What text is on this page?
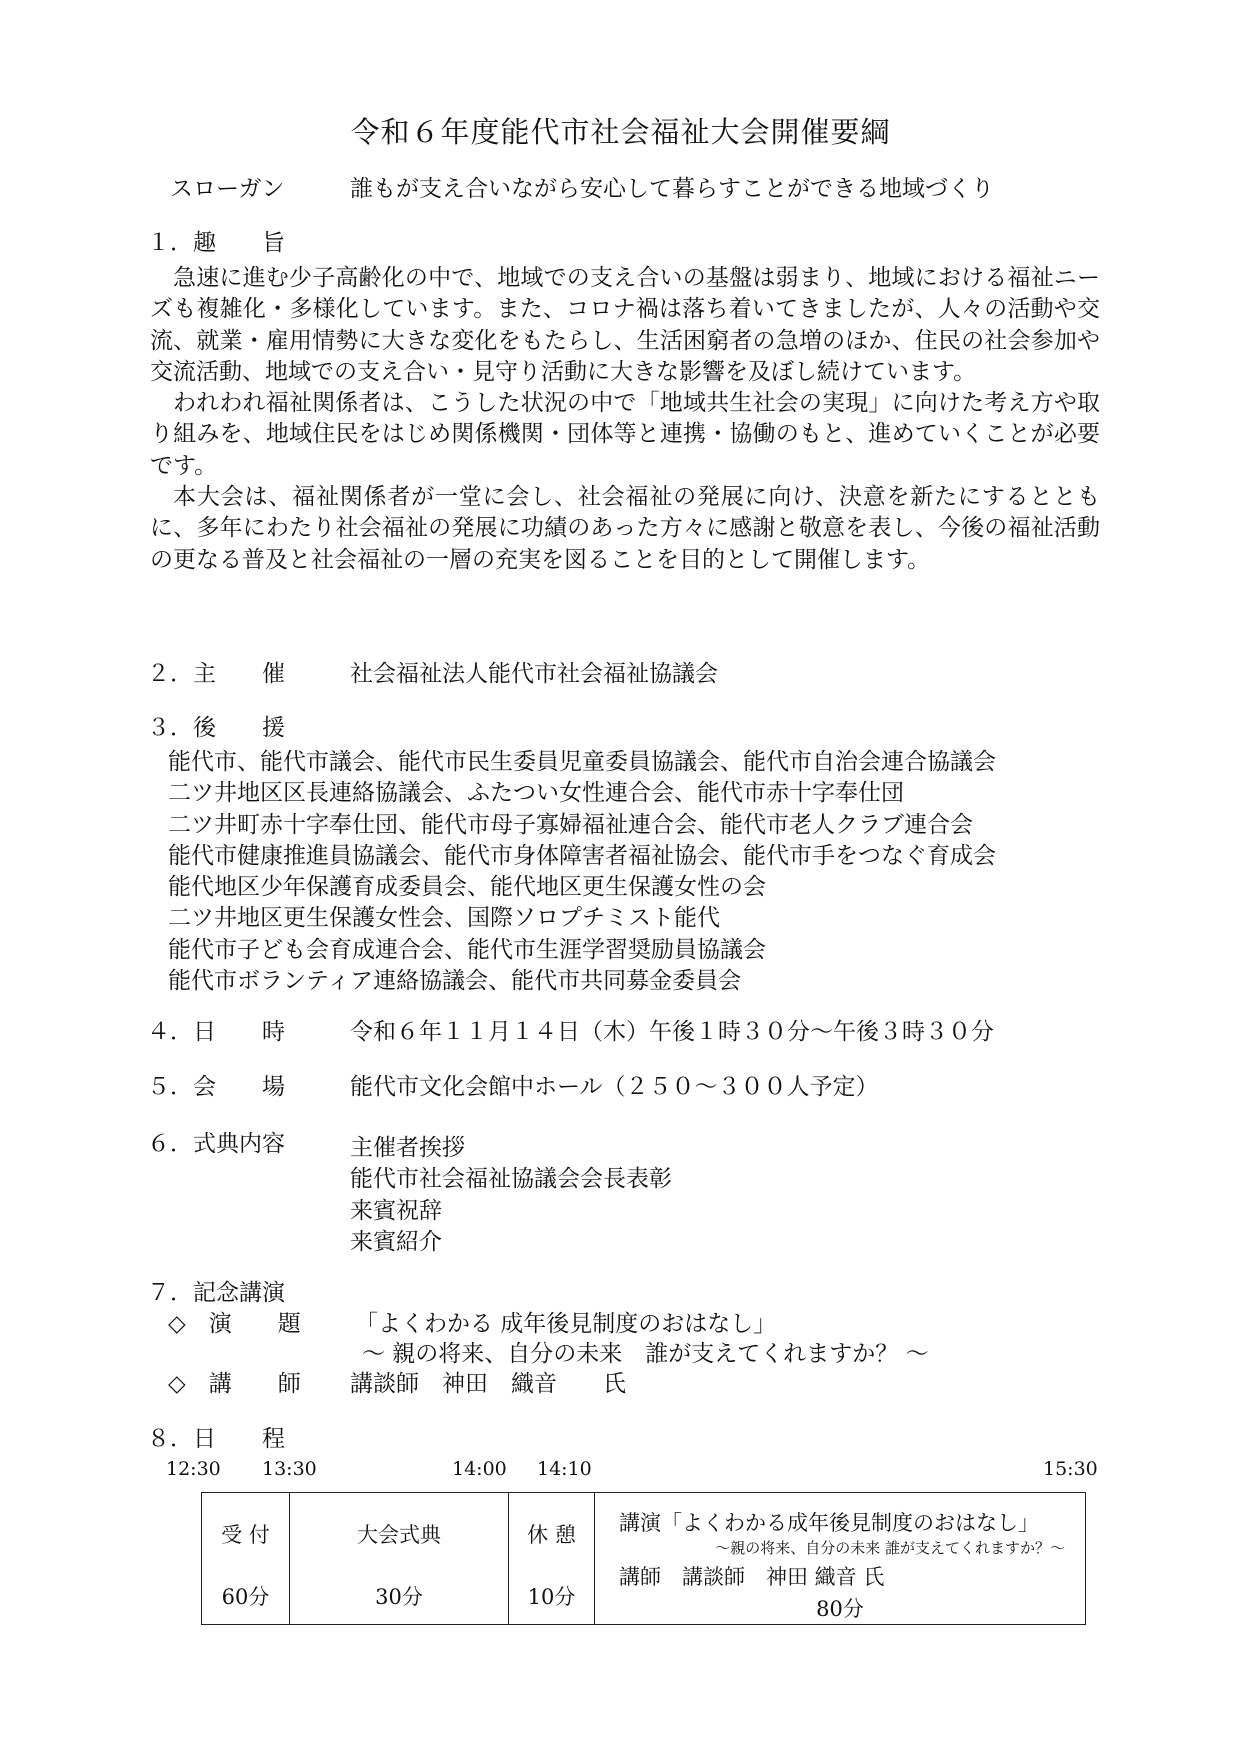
令和６年度能代市社会福祉大会開催要綱
スローガン	誰もが支え合いながら安心して暮らすことができる地域づくり
１．趣　　旨

急速に進む少子高齢化の中で、地域での支え合いの基盤は弱まり、地域における福祉ニーズも複雑化・多様化しています。また、コロナ禍は落ち着いてきましたが、人々の活動や交流、就業・雇用情勢に大きな変化をもたらし、生活困窮者の急増のほか、住民の社会参加や交流活動、地域での支え合い・見守り活動に大きな影響を及ぼし続けています。

われわれ福祉関係者は、こうした状況の中で「地域共生社会の実現」に向けた考え方や取り組みを、地域住民をはじめ関係機関・団体等と連携・協働のもと、進めていくことが必要です。

本大会は、福祉関係者が一堂に会し、社会福祉の発展に向け、決意を新たにするとともに、多年にわたり社会福祉の発展に功績のあった方々に感謝と敬意を表し、今後の福祉活動の更なる普及と社会福祉の一層の充実を図ることを目的として開催します。

２．主　　催	社会福祉法人能代市社会福祉協議会
３．後　　援
能代市、能代市議会、能代市民生委員児童委員協議会、能代市自治会連合協議会
二ツ井地区区長連絡協議会、ふたつい女性連合会、能代市赤十字奉仕団
二ツ井町赤十字奉仕団、能代市母子寡婦福祉連合会、能代市老人クラブ連合会
能代市健康推進員協議会、能代市身体障害者福祉協会、能代市手をつなぐ育成会
能代地区少年保護育成委員会、能代地区更生保護女性の会
二ツ井地区更生保護女性会、国際ソロプチミスト能代
能代市子ども会育成連合会、能代市生涯学習奨励員協議会
能代市ボランティア連絡協議会、能代市共同募金委員会
４．日　　時	令和６年１１月１４日（木）午後１時３０分～午後３時３０分
５．会　　場	能代市文化会館中ホール（２５０～３００人予定）
６．式典内容	主催者挨拶
能代市社会福祉協議会会長表彰
来賓祝辞
来賓紹介
７．記念講演
◇　演　　題 「よくわかる 成年後見制度のおはなし」
～ 親の将来、自分の未来　誰が支えてくれますか？ ～
◇　講　　師 講談師　神田　織音　　氏
８．日　　程
12:30 13:30	14:00 14:10	15:30
受 付
60分

大会式典
30分

休 憩
10分

講演「よくわかる成年後見制度のおはなし」
～親の将来、自分の未来 誰が支えてくれますか？～
講師　講談師　神田 織音 氏
80分
